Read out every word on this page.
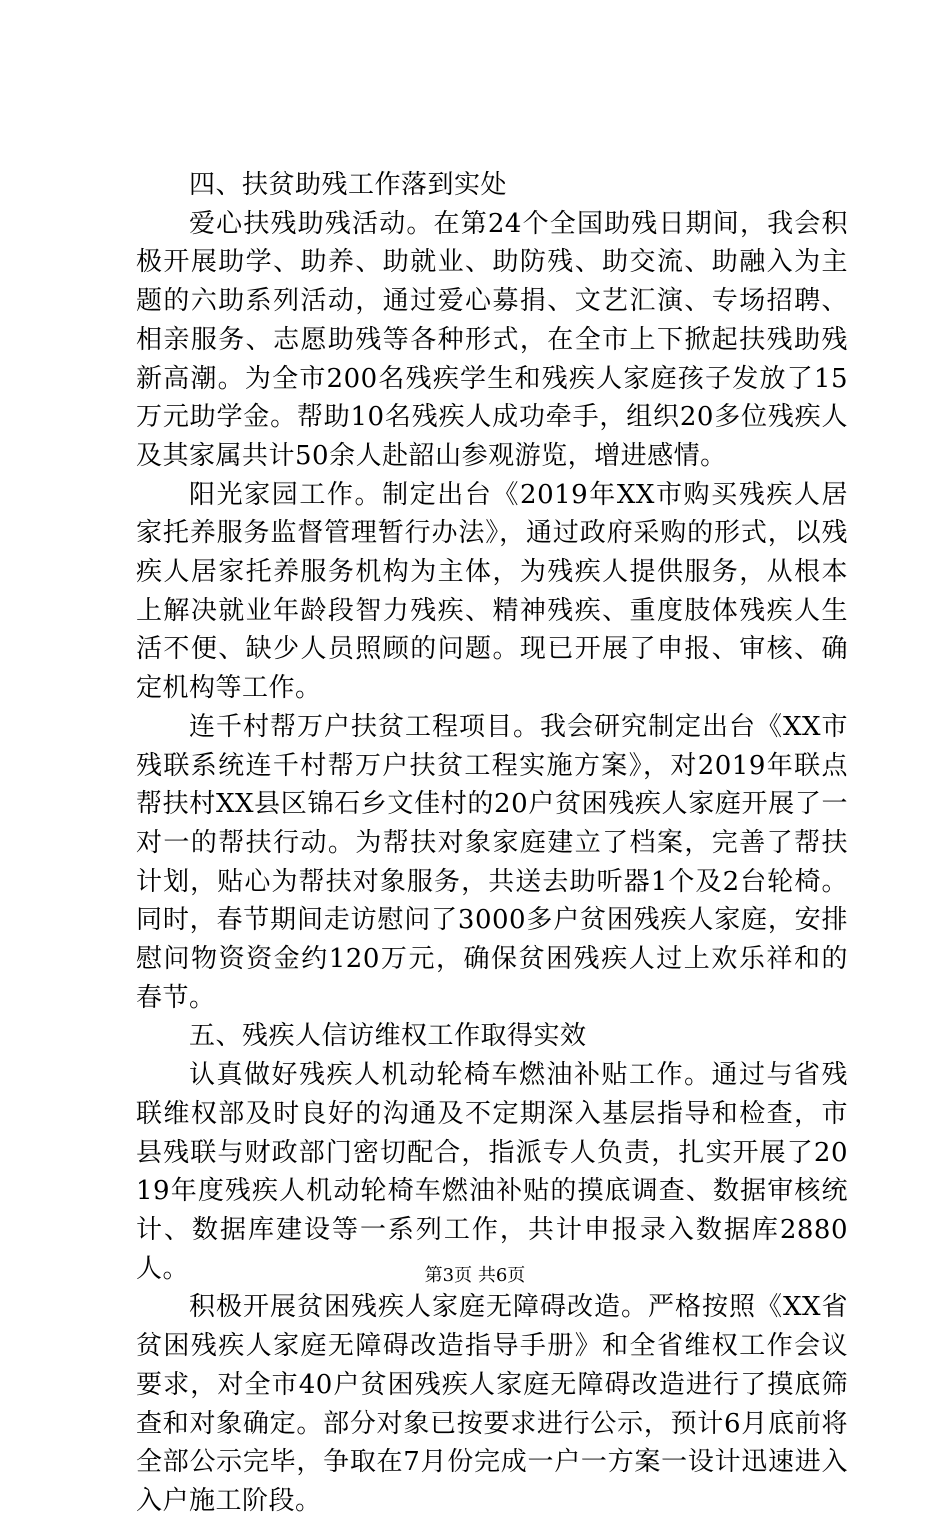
四、扶贫助残工作落到实处

爱心扶残助残活动。在第24个全国助残日期间，我会积极开展助学、助养、助就业、助防残、助交流、助融入为主题的六助系列活动，通过爱心募捐、文艺汇演、专场招聘、相亲服务、志愿助残等各种形式，在全市上下掀起扶残助残新高潮。为全市200名残疾学生和残疾人家庭孩子发放了15万元助学金。帮助10名残疾人成功牵手，组织20多位残疾人及其家属共计50余人赴韶山参观游览，增进感情。

阳光家园工作。制定出台《2019年XX市购买残疾人居家托养服务监督管理暂行办法》，通过政府采购的形式，以残疾人居家托养服务机构为主体，为残疾人提供服务，从根本上解决就业年龄段智力残疾、精神残疾、重度肢体残疾人生活不便、缺少人员照顾的问题。现已开展了申报、审核、确定机构等工作。

连千村帮万户扶贫工程项目。我会研究制定出台《XX市残联系统连千村帮万户扶贫工程实施方案》，对2019年联点帮扶村XX县区锦石乡文佳村的20户贫困残疾人家庭开展了一对一的帮扶行动。为帮扶对象家庭建立了档案，完善了帮扶计划，贴心为帮扶对象服务，共送去助听器1个及2台轮椅。同时，春节期间走访慰问了3000多户贫困残疾人家庭，安排慰问物资资金约120万元，确保贫困残疾人过上欢乐祥和的春节。

五、残疾人信访维权工作取得实效

认真做好残疾人机动轮椅车燃油补贴工作。通过与省残联维权部及时良好的沟通及不定期深入基层指导和检查，市县残联与财政部门密切配合，指派专人负责，扎实开展了2019年度残疾人机动轮椅车燃油补贴的摸底调查、数据审核统计、数据库建设等一系列工作，共计申报录入数据库2880人。

积极开展贫困残疾人家庭无障碍改造。严格按照《XX省贫困残疾人家庭无障碍改造指导手册》和全省维权工作会议要求，对全市40户贫困残疾人家庭无障碍改造进行了摸底筛查和对象确定。部分对象已按要求进行公示，预计6月底前将全部公示完毕，争取在7月份完成一户一方案一设计迅速进入入户施工阶段。

第3页 共6页
